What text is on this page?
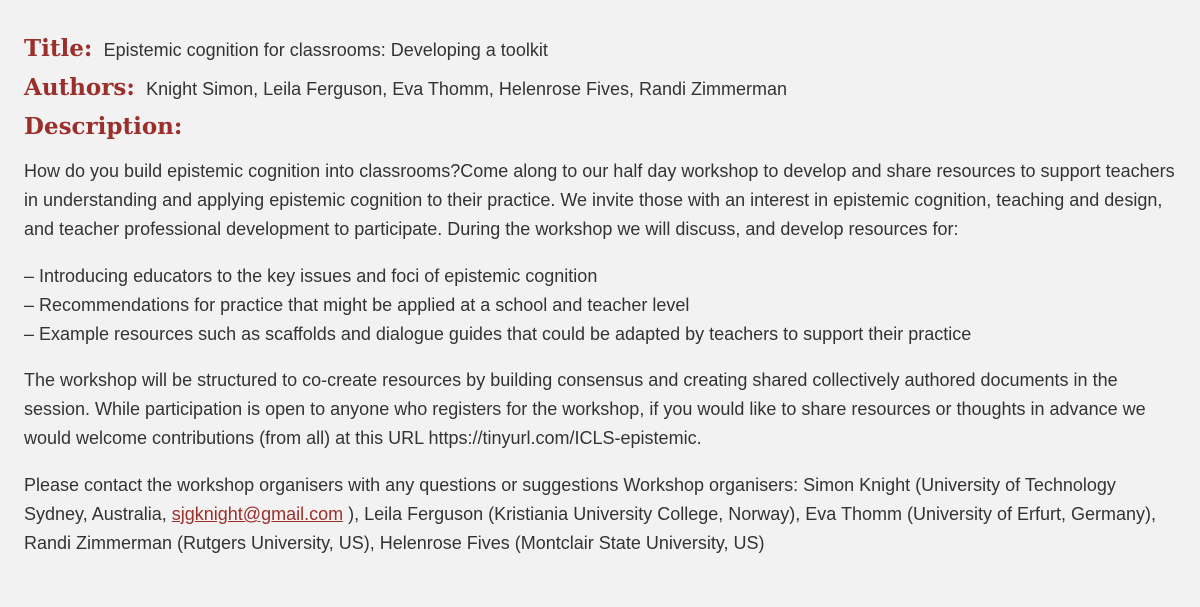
Title: Epistemic cognition for classrooms: Developing a toolkit
Authors: Knight Simon, Leila Ferguson, Eva Thomm, Helenrose Fives, Randi Zimmerman
Description:

How do you build epistemic cognition into classrooms?Come along to our half day workshop to develop and share resources to support teachers in understanding and applying epistemic cognition to their practice. We invite those with an interest in epistemic cognition, teaching and design, and teacher professional development to participate. During the workshop we will discuss, and develop resources for:

– Introducing educators to the key issues and foci of epistemic cognition
– Recommendations for practice that might be applied at a school and teacher level
– Example resources such as scaffolds and dialogue guides that could be adapted by teachers to support their practice

The workshop will be structured to co-create resources by building consensus and creating shared collectively authored documents in the session. While participation is open to anyone who registers for the workshop, if you would like to share resources or thoughts in advance we would welcome contributions (from all) at this URL https://tinyurl.com/ICLS-epistemic.

Please contact the workshop organisers with any questions or suggestions Workshop organisers: Simon Knight (University of Technology Sydney, Australia, sjgknight@gmail.com ), Leila Ferguson (Kristiania University College, Norway), Eva Thomm (University of Erfurt, Germany), Randi Zimmerman (Rutgers University, US), Helenrose Fives (Montclair State University, US)
